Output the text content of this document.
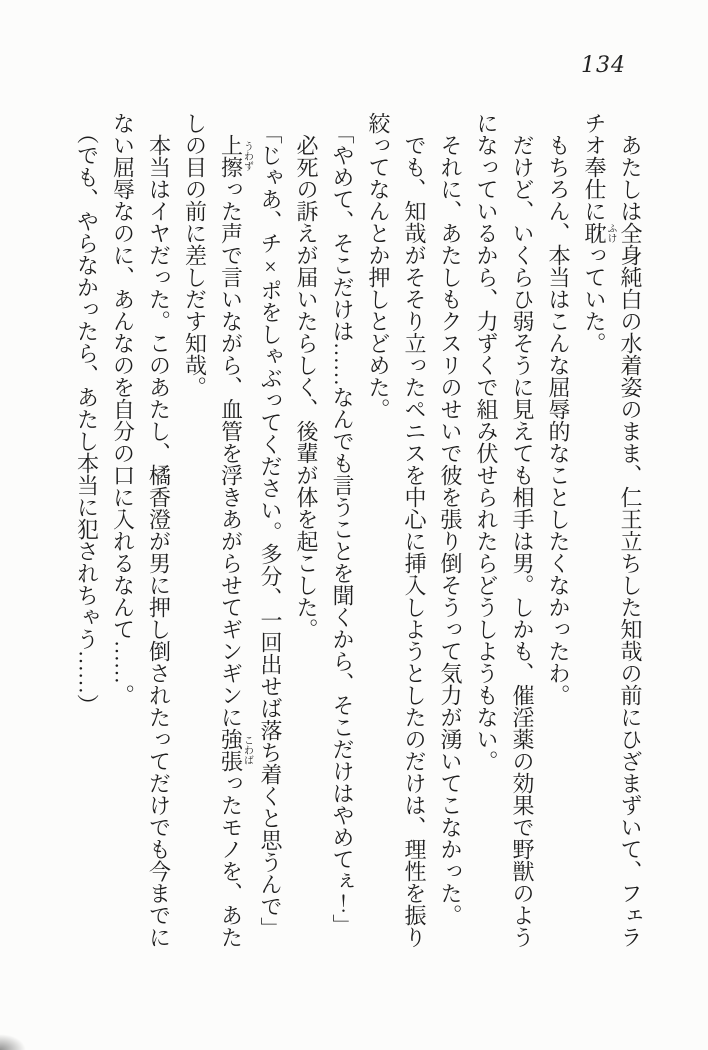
134

あたしは全身純白の水着姿のまま、仁王立ちした知哉の前にひざまずいて、フェラチオ奉仕に耽ふけっていた。

もちろん、本当はこんな屈辱的なことしたくなかったわ。

だけど、いくらひ弱そうに見えても相手は男。しかも、催淫薬の効果で野獣のようになっているから、力ずくで組み伏せられたらどうしようもない。

それに、あたしもクスリのせいで彼を張り倒そうって気力が湧いてこなかった。

でも、知哉がそそり立ったペニスを中心に挿入しようとしたのだけは、理性を振り絞ってなんとか押しとどめた。

「やめて、そこだけは……なんでも言うことを聞くから、そこだけはやめてぇ！」

必死の訴えが届いたらしく、後輩が体を起こした。

「じゃあ、チ×ポをしゃぶってください。多分、一回出せば落ち着くと思うんで」

上擦うわずった声で言いながら、血管を浮きあがらせてギンギンに強張こわばったモノを、あたしの目の前に差しだす知哉。

本当はイヤだった。このあたし、橘香澄が男に押し倒されたってだけでも今までにない屈辱なのに、あんなのを自分の口に入れるなんて……。

（でも、やらなかったら、あたし本当に犯されちゃう……）
